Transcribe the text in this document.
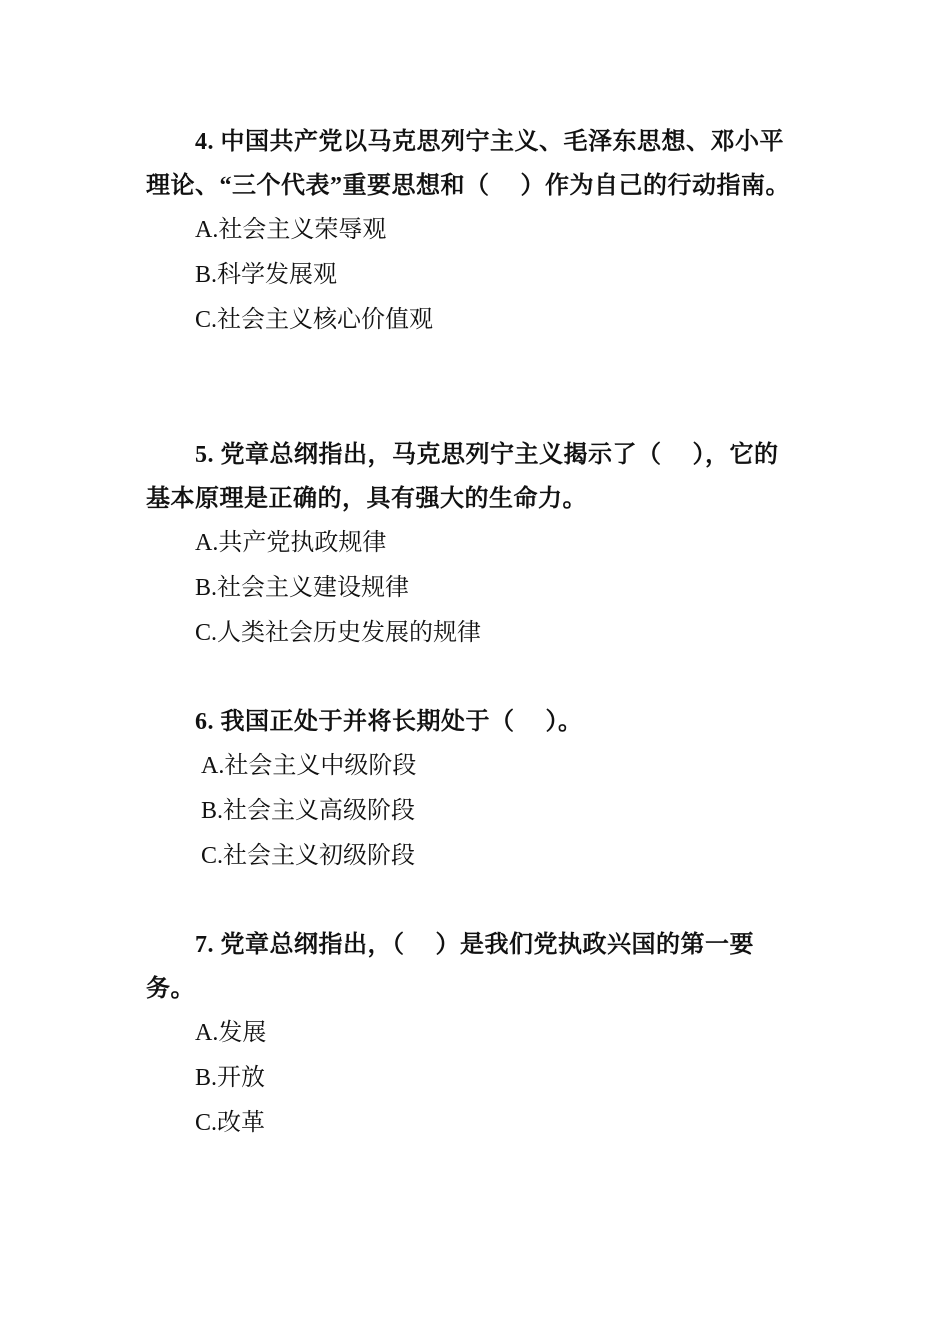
4. 中国共产党以马克思列宁主义、毛泽东思想、邓小平理论、“三个代表”重要思想和（　 ）作为自己的行动指南。

A.社会主义荣辱观
B.科学发展观
C.社会主义核心价值观

5. 党章总纲指出，马克思列宁主义揭示了（　 ），它的基本原理是正确的，具有强大的生命力。

A.共产党执政规律
B.社会主义建设规律
C.人类社会历史发展的规律

6. 我国正处于并将长期处于（　 ）。

A.社会主义中级阶段
B.社会主义高级阶段
C.社会主义初级阶段

7. 党章总纲指出，（　 ）是我们党执政兴国的第一要务。

A.发展
B.开放
C.改革
